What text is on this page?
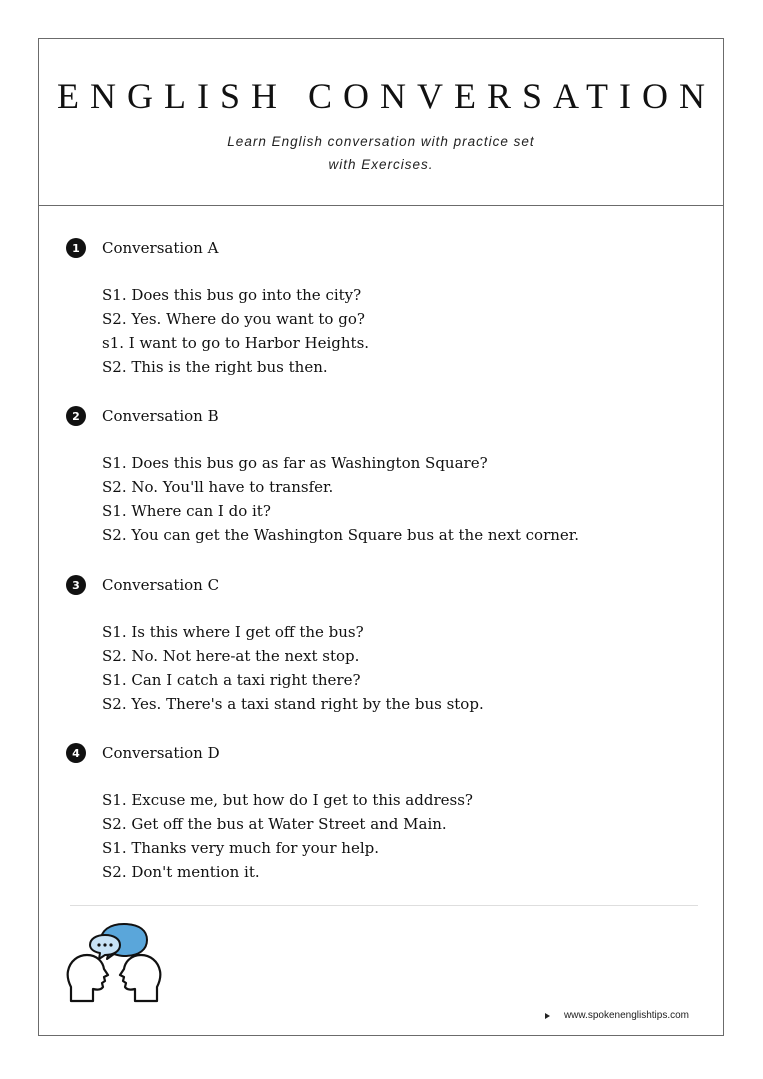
ENGLISH CONVERSATION
Learn English conversation with practice set
with Exercises.
1	Conversation A
S1. Does this bus go into the city?
S2. Yes. Where do you want to go?
s1. I want to go to Harbor Heights.
S2. This is the right bus then.
2	Conversation B
S1. Does this bus go as far as Washington Square?
S2. No. You'll have to transfer.
S1. Where can I do it?
S2. You can get the Washington Square bus at the next corner.
3	Conversation C
S1. Is this where I get off the bus?
S2. No. Not here-at the next stop.
S1. Can I catch a taxi right there?
S2. Yes. There's a taxi stand right by the bus stop.
4	Conversation D
S1. Excuse me, but how do I get to this address?
S2. Get off the bus at Water Street and Main.
S1. Thanks very much for your help.
S2. Don't mention it.
www.spokenenglishtips.com
